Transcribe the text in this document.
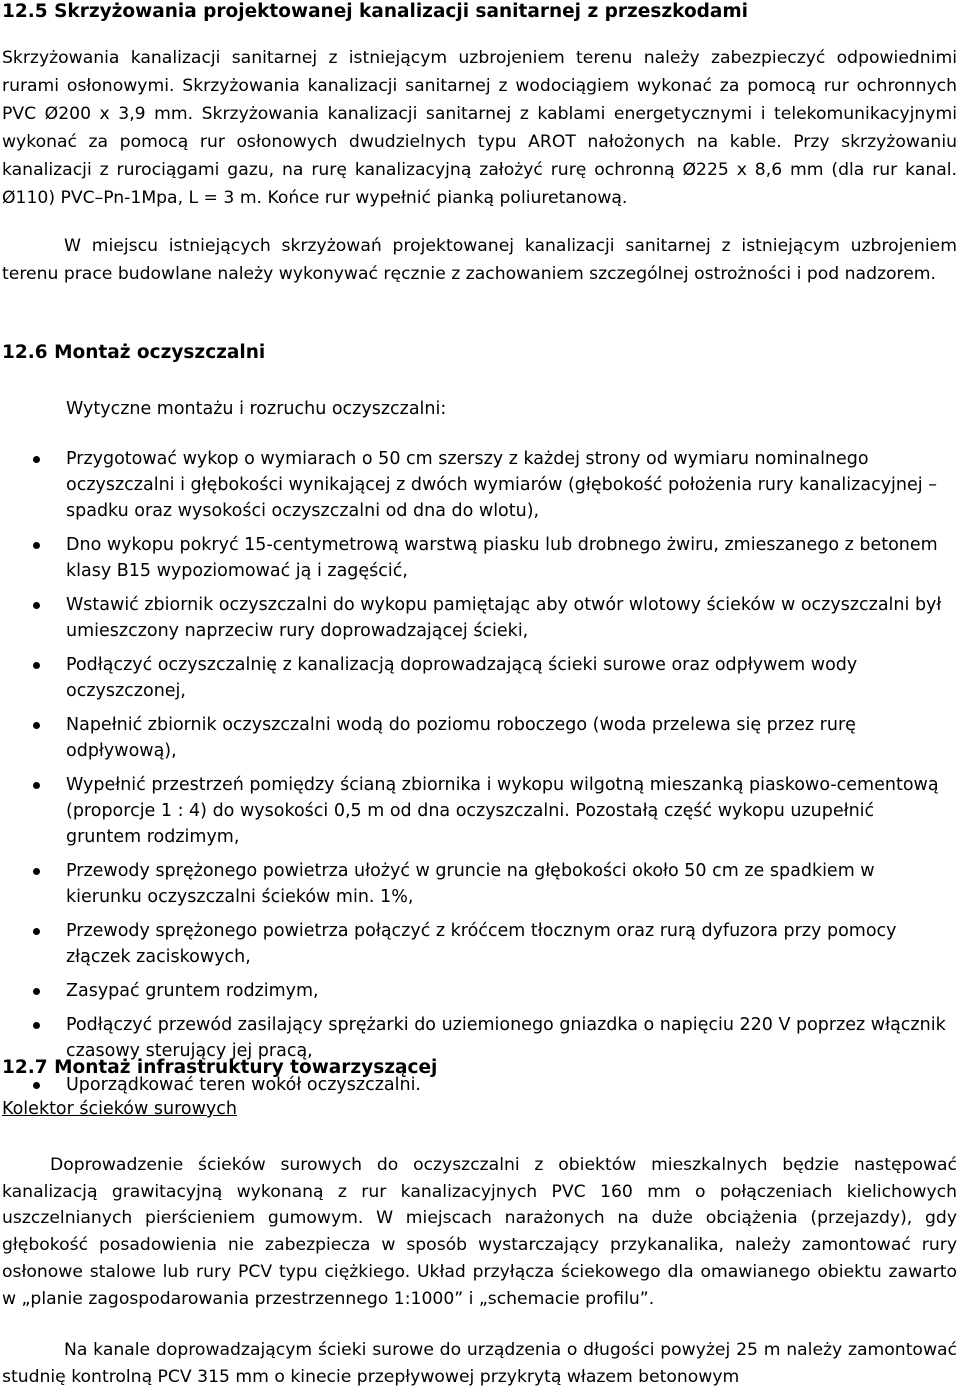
12.5 Skrzyżowania projektowanej kanalizacji sanitarnej z przeszkodami

Skrzyżowania kanalizacji sanitarnej z istniejącym uzbrojeniem terenu należy zabezpieczyć odpowiednimi rurami osłonowymi. Skrzyżowania kanalizacji sanitarnej z wodociągiem wykonać za pomocą rur ochronnych PVC Ø200 x 3,9 mm. Skrzyżowania kanalizacji sanitarnej z kablami energetycznymi i telekomunikacyjnymi wykonać za pomocą rur osłonowych dwudzielnych typu AROT nałożonych na kable. Przy skrzyżowaniu kanalizacji z rurociągami gazu, na rurę kanalizacyjną założyć rurę ochronną Ø225 x 8,6 mm (dla rur kanal. Ø110) PVC–Pn-1Mpa, L = 3 m. Końce rur wypełnić pianką poliuretanową.

W miejscu istniejących skrzyżowań projektowanej kanalizacji sanitarnej z istniejącym uzbrojeniem terenu prace budowlane należy wykonywać ręcznie z zachowaniem szczególnej ostrożności i pod nadzorem.

12.6 Montaż oczyszczalni
Wytyczne montażu i rozruchu oczyszczalni:
Przygotować wykop o wymiarach o 50 cm szerszy z każdej strony od wymiaru nominalnego oczyszczalni i głębokości wynikającej z dwóch wymiarów (głębokość położenia rury kanalizacyjnej – spadku oraz wysokości oczyszczalni od dna do wlotu),
Dno wykopu pokryć 15-centymetrową warstwą piasku lub drobnego żwiru, zmieszanego z betonem klasy B15 wypoziomować ją i zagęścić,
Wstawić zbiornik oczyszczalni do wykopu pamiętając aby otwór wlotowy ścieków w oczyszczalni był umieszczony naprzeciw rury doprowadzającej ścieki,
Podłączyć oczyszczalnię z kanalizacją doprowadzającą ścieki surowe oraz odpływem wody oczyszczonej,
Napełnić zbiornik oczyszczalni wodą do poziomu roboczego (woda przelewa się przez rurę odpływową),
Wypełnić przestrzeń pomiędzy ścianą zbiornika i wykopu wilgotną mieszanką piaskowo-cementową (proporcje 1 : 4) do wysokości 0,5 m od dna oczyszczalni. Pozostałą część wykopu uzupełnić gruntem rodzimym,
Przewody sprężonego powietrza ułożyć w gruncie na głębokości około 50 cm ze spadkiem w kierunku oczyszczalni ścieków min. 1%,
Przewody sprężonego powietrza połączyć z króćcem tłocznym oraz rurą dyfuzora przy pomocy złączek zaciskowych,
Zasypać gruntem rodzimym,
Podłączyć przewód zasilający sprężarki do uziemionego gniazdka o napięciu 220 V poprzez włącznik czasowy sterujący jej pracą,
Uporządkować teren wokół oczyszczalni.
12.7 Montaż infrastruktury towarzyszącej
Kolektor ścieków surowych

Doprowadzenie ścieków surowych do oczyszczalni z obiektów mieszkalnych będzie następować kanalizacją grawitacyjną wykonaną z rur kanalizacyjnych PVC 160 mm o połączeniach kielichowych uszczelnianych pierścieniem gumowym. W miejscach narażonych na duże obciążenia (przejazdy), gdy głębokość posadowienia nie zabezpiecza w sposób wystarczający przykanalika, należy zamontować rury osłonowe stalowe lub rury PCV typu ciężkiego. Układ przyłącza ściekowego dla omawianego obiektu zawarto w „planie zagospodarowania przestrzennego 1:1000” i „schemacie profilu”.

Na kanale doprowadzającym ścieki surowe do urządzenia o długości powyżej 25 m należy zamontować studnię kontrolną PCV 315 mm o kinecie przepływowej przykrytą włazem betonowym
